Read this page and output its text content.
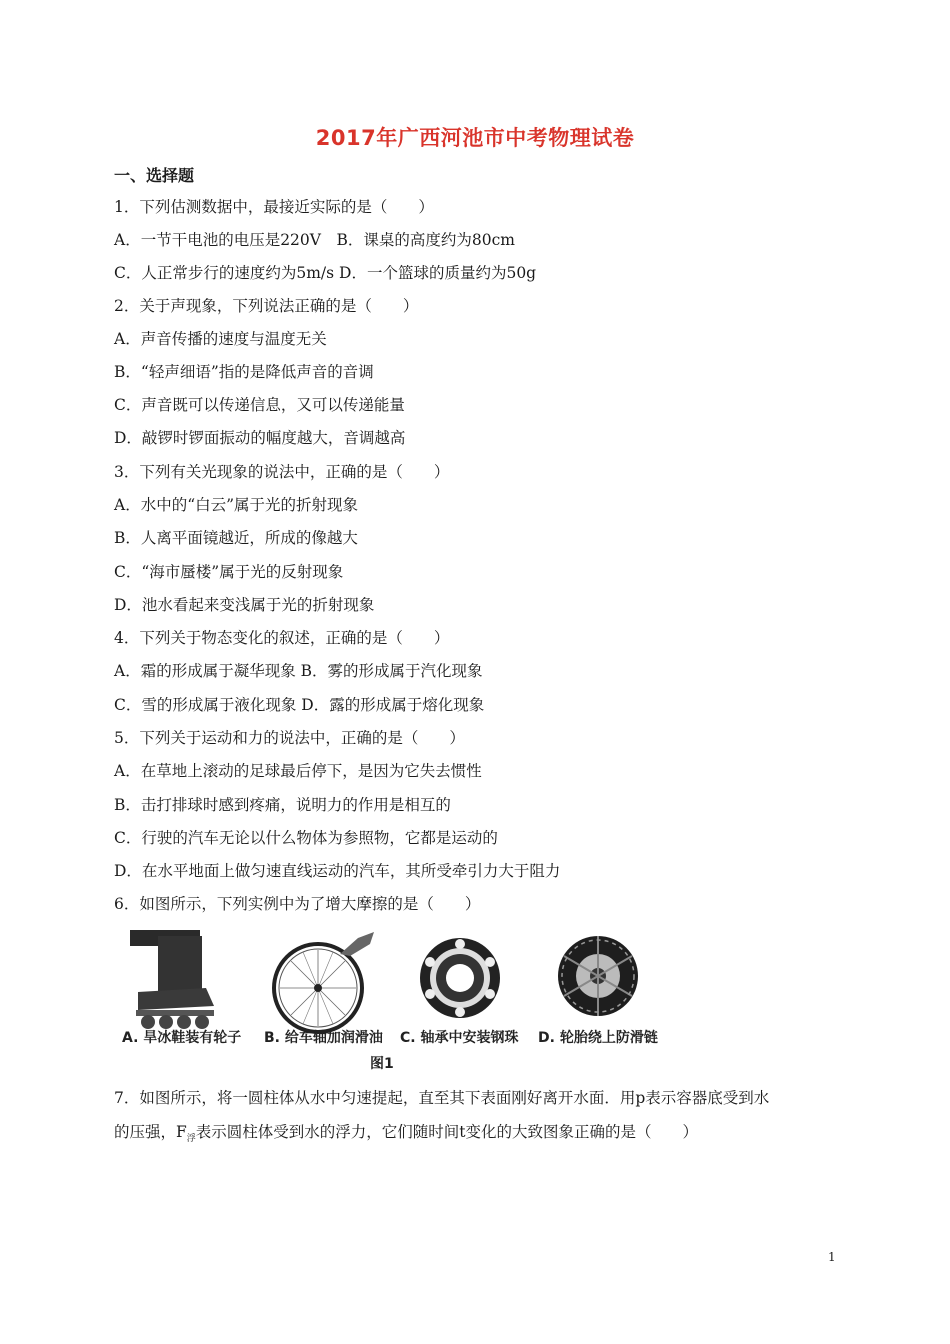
2017年广西河池市中考物理试卷
一、选择题
1．下列估测数据中，最接近实际的是（　　）
A．一节干电池的电压是220V　B．课桌的高度约为80cm
C．人正常步行的速度约为5m/s D．一个篮球的质量约为50g
2．关于声现象，下列说法正确的是（　　）
A．声音传播的速度与温度无关
B．“轻声细语”指的是降低声音的音调
C．声音既可以传递信息，又可以传递能量
D．敲锣时锣面振动的幅度越大，音调越高
3．下列有关光现象的说法中，正确的是（　　）
A．水中的“白云”属于光的折射现象
B．人离平面镜越近，所成的像越大
C．“海市蜃楼”属于光的反射现象
D．池水看起来变浅属于光的折射现象
4．下列关于物态变化的叙述，正确的是（　　）
A．霜的形成属于凝华现象 B．雾的形成属于汽化现象
C．雪的形成属于液化现象 D．露的形成属于熔化现象
5．下列关于运动和力的说法中，正确的是（　　）
A．在草地上滚动的足球最后停下，是因为它失去惯性
B．击打排球时感到疼痛，说明力的作用是相互的
C．行驶的汽车无论以什么物体为参照物，它都是运动的
D．在水平地面上做匀速直线运动的汽车，其所受牵引力大于阻力
6．如图所示，下列实例中为了增大摩擦的是（　　）
A. 旱冰鞋装有轮子 B. 给车轴加润滑油 C. 轴承中安装钢珠 D. 轮胎绕上防滑链
图1
7．如图所示，将一圆柱体从水中匀速提起，直至其下表面刚好离开水面．用p表示容器底受到水
的压强，$F_浮$表示圆柱体受到水的浮力，它们随时间t变化的大致图象正确的是（　　）
1
